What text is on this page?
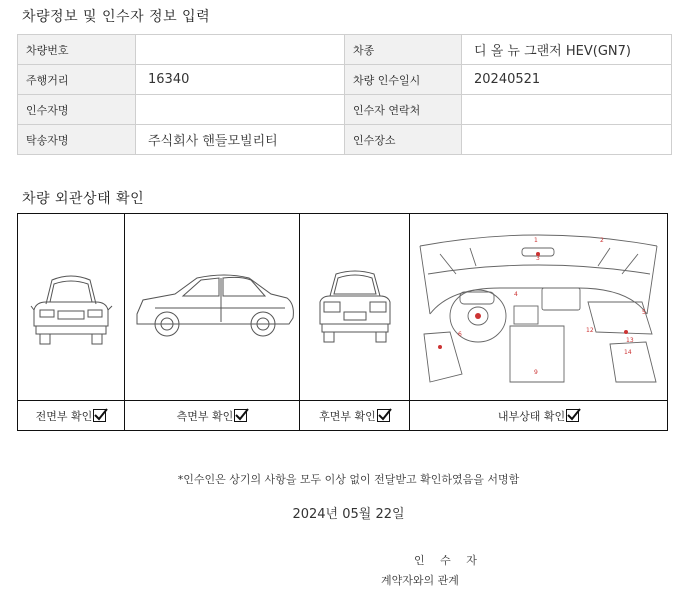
차량정보 및 인수자 정보 입력
차량번호		차종	디 올 뉴 그랜저 HEV(GN7)
주행거리	16340	차량 인수일시	20240521
인수자명		인수자 연락처	
탁송자명	주식회사 핸들모빌리티	인수장소	
차량 외관상태 확인
1	2
3
4
5
12
13
14
9
6
전면부 확인	측면부 확인	후면부 확인	내부상태 확인
*인수인은 상기의 사항을 모두 이상 없이 전달받고 확인하였음을 서명함
2024년 05월 22일
인 수 자
계약자와의 관계
